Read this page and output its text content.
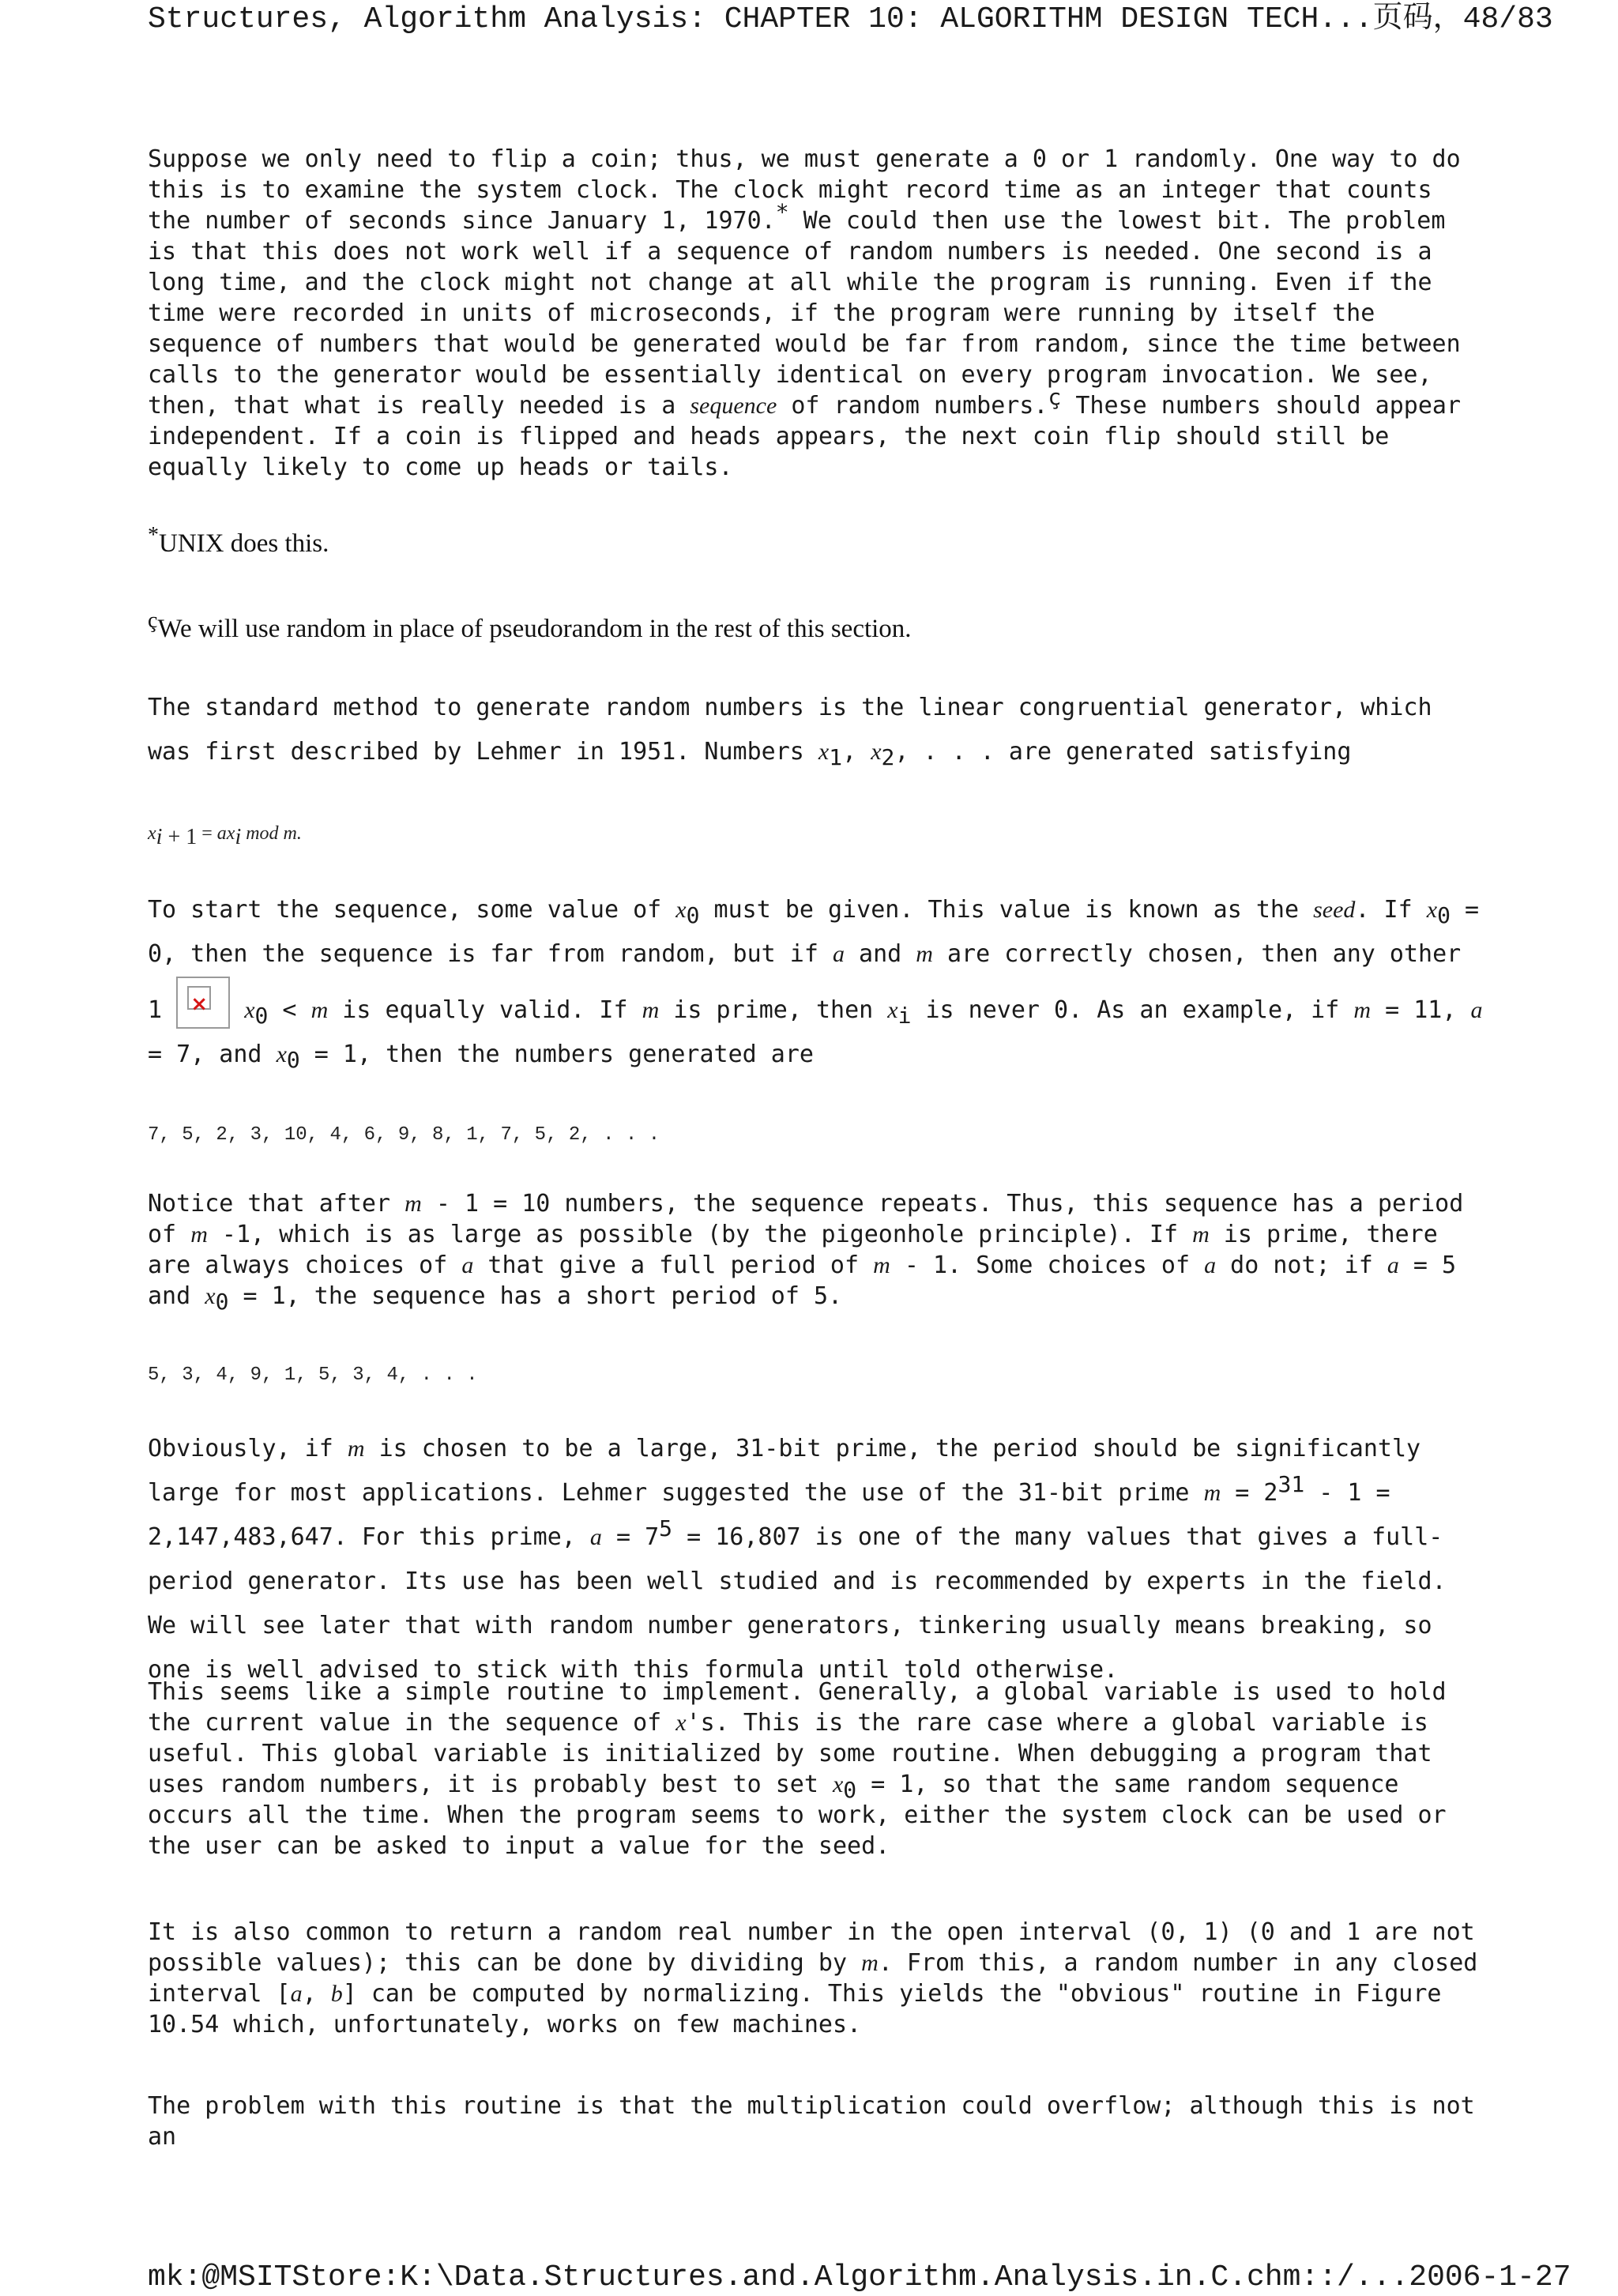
Structures, Algorithm Analysis: CHAPTER 10: ALGORITHM DESIGN TECH... 页码，48/83

Suppose we only need to flip a coin; thus, we must generate a 0 or 1 randomly. One way to do this is to examine the system clock. The clock might record time as an integer that counts the number of seconds since January 1, 1970.* We could then use the lowest bit. The problem is that this does not work well if a sequence of random numbers is needed. One second is a long time, and the clock might not change at all while the program is running. Even if the time were recorded in units of microseconds, if the program were running by itself the sequence of numbers that would be generated would be far from random, since the time between calls to the generator would be essentially identical on every program invocation. We see, then, that what is really needed is a sequence of random numbers.$^ç$ These numbers should appear independent. If a coin is flipped and heads appears, the next coin flip should still be equally likely to come up heads or tails.

*UNIX does this.

$^ç$We will use random in place of pseudorandom in the rest of this section.

The standard method to generate random numbers is the linear congruential generator, which was first described by Lehmer in 1951. Numbers $x_1$, $x_2$, . . . are generated satisfying

$x_{i + 1} = ax_i$ mod m.

To start the sequence, some value of $x_0$ must be given. This value is known as the seed. If $x_0 = 0$, then the sequence is far from random, but if a and m are correctly chosen, then any other $1 \times x_0 < m$ is equally valid. If m is prime, then $x_i$ is never 0. As an example, if m = 11, a = 7, and $x_0 = 1$, then the numbers generated are

7, 5, 2, 3, 10, 4, 6, 9, 8, 1, 7, 5, 2, . . .

Notice that after m - 1 = 10 numbers, the sequence repeats. Thus, this sequence has a period of m -1, which is as large as possible (by the pigeonhole principle). If m is prime, there are always choices of a that give a full period of m - 1. Some choices of a do not; if a = 5 and $x_0 = 1$, the sequence has a short period of 5.

5, 3, 4, 9, 1, 5, 3, 4, . . .

Obviously, if m is chosen to be a large, 31-bit prime, the period should be significantly large for most applications. Lehmer suggested the use of the 31-bit prime $m = 2^{31} - 1 = 2,147,483,647$. For this prime, $a = 7^5 = 16,807$ is one of the many values that gives a full-period generator. Its use has been well studied and is recommended by experts in the field. We will see later that with random number generators, tinkering usually means breaking, so one is well advised to stick with this formula until told otherwise.

This seems like a simple routine to implement. Generally, a global variable is used to hold the current value in the sequence of x's. This is the rare case where a global variable is useful. This global variable is initialized by some routine. When debugging a program that uses random numbers, it is probably best to set $x_0 = 1$, so that the same random sequence occurs all the time. When the program seems to work, either the system clock can be used or the user can be asked to input a value for the seed.

It is also common to return a random real number in the open interval (0, 1) (0 and 1 are not possible values); this can be done by dividing by m. From this, a random number in any closed interval [a, b] can be computed by normalizing. This yields the "obvious" routine in Figure 10.54 which, unfortunately, works on few machines.

The problem with this routine is that the multiplication could overflow; although this is not an

mk:@MSITStore:K:\Data.Structures.and.Algorithm.Analysis.in.C.chm::/... 2006-1-27
